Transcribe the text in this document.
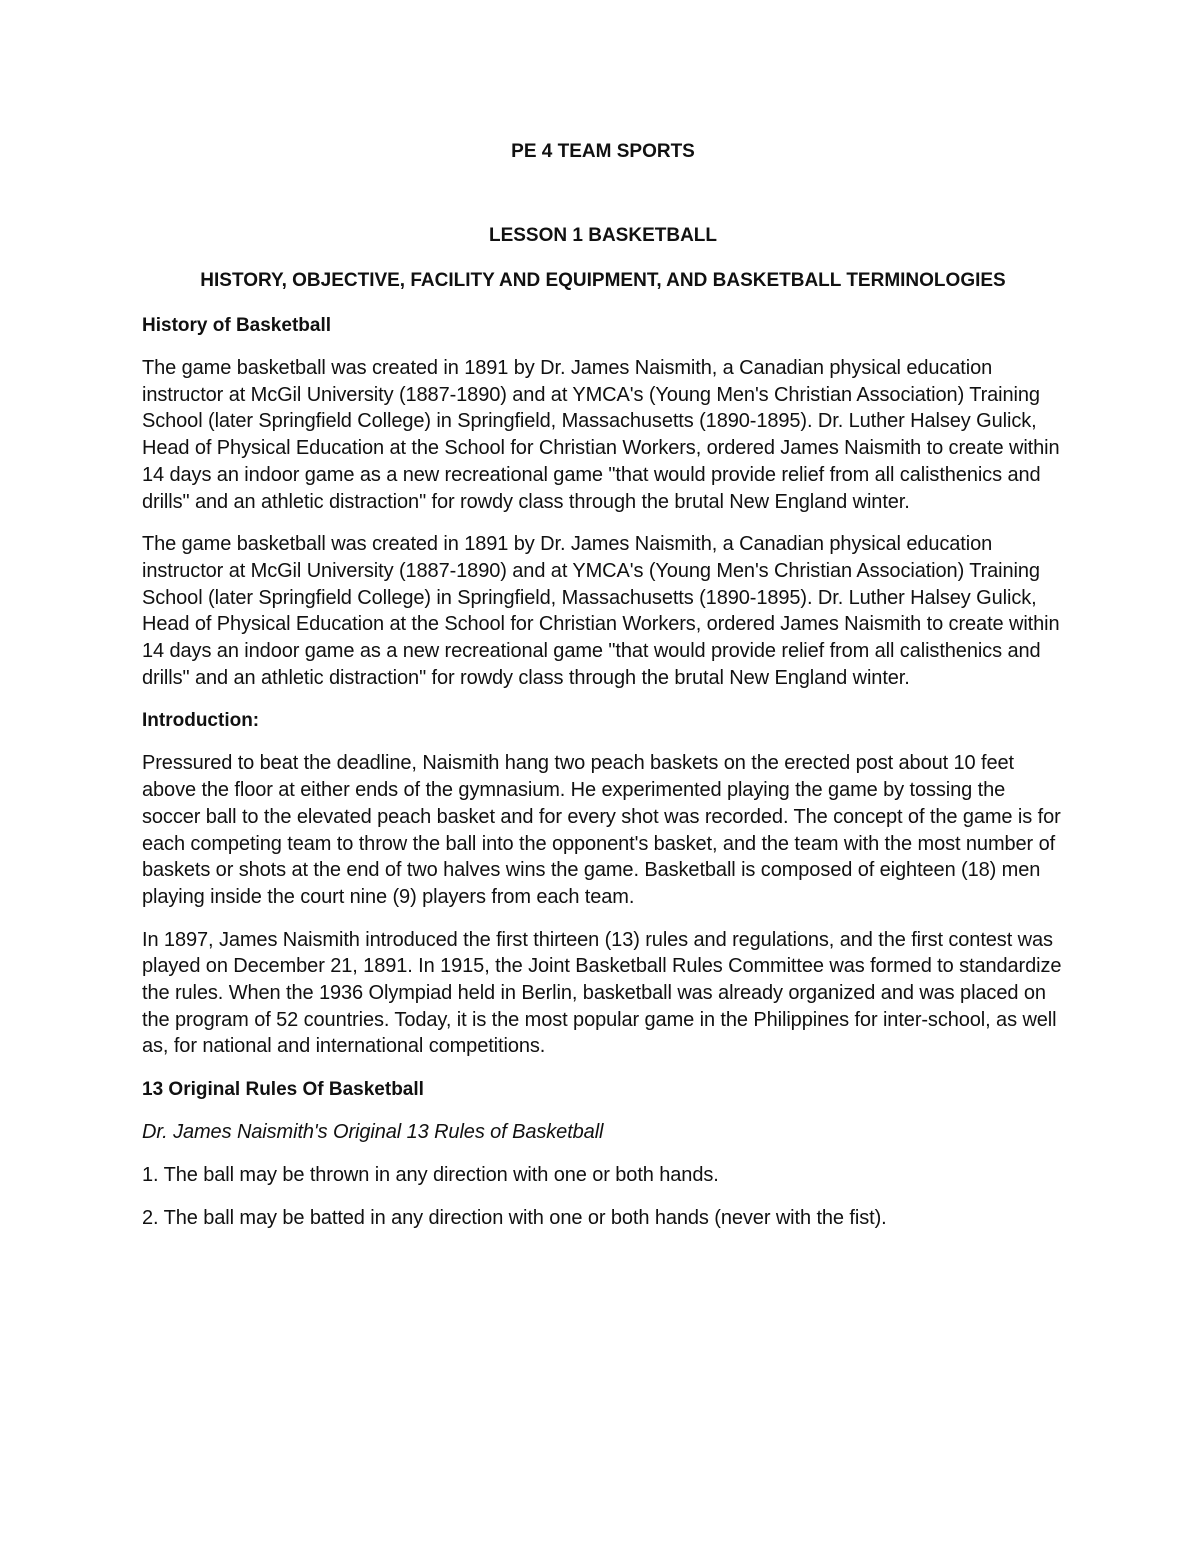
PE 4 TEAM SPORTS

LESSON 1 BASKETBALL

HISTORY, OBJECTIVE, FACILITY AND EQUIPMENT, AND BASKETBALL TERMINOLOGIES

History of Basketball

The game basketball was created in 1891 by Dr. James Naismith, a Canadian physical education instructor at McGil University (1887-1890) and at YMCA's (Young Men's Christian Association) Training School (later Springfield College) in Springfield, Massachusetts (1890-1895). Dr. Luther Halsey Gulick, Head of Physical Education at the School for Christian Workers, ordered James Naismith to create within 14 days an indoor game as a new recreational game "that would provide relief from all calisthenics and drills" and an athletic distraction" for rowdy class through the brutal New England winter.

The game basketball was created in 1891 by Dr. James Naismith, a Canadian physical education instructor at McGil University (1887-1890) and at YMCA's (Young Men's Christian Association) Training School (later Springfield College) in Springfield, Massachusetts (1890-1895). Dr. Luther Halsey Gulick, Head of Physical Education at the School for Christian Workers, ordered James Naismith to create within 14 days an indoor game as a new recreational game "that would provide relief from all calisthenics and drills" and an athletic distraction" for rowdy class through the brutal New England winter.

Introduction:

Pressured to beat the deadline, Naismith hang two peach baskets on the erected post about 10 feet above the floor at either ends of the gymnasium. He experimented playing the game by tossing the soccer ball to the elevated peach basket and for every shot was recorded. The concept of the game is for each competing team to throw the ball into the opponent's basket, and the team with the most number of baskets or shots at the end of two halves wins the game. Basketball is composed of eighteen (18) men playing inside the court nine (9) players from each team.

In 1897, James Naismith introduced the first thirteen (13) rules and regulations, and the first contest was played on December 21, 1891. In 1915, the Joint Basketball Rules Committee was formed to standardize the rules. When the 1936 Olympiad held in Berlin, basketball was already organized and was placed on the program of 52 countries. Today, it is the most popular game in the Philippines for inter-school, as well as, for national and international competitions.

13 Original Rules Of Basketball

Dr. James Naismith's Original 13 Rules of Basketball

1. The ball may be thrown in any direction with one or both hands.

2. The ball may be batted in any direction with one or both hands (never with the fist).
